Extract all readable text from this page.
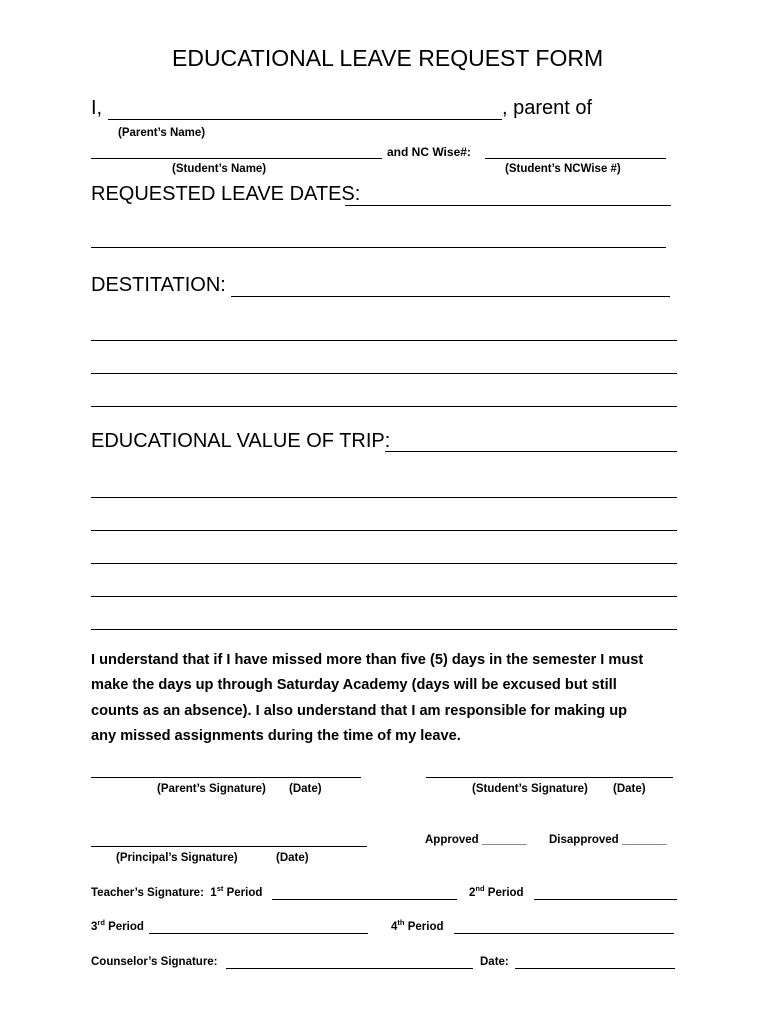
EDUCATIONAL LEAVE REQUEST FORM
I,	, parent of
(Parent’s Name)
and NC Wise#:
(Student’s Name)	(Student’s NCWise #)
REQUESTED LEAVE DATES:
DESTITATION:
EDUCATIONAL VALUE OF TRIP:
I understand that if I have missed more than five (5) days in the semester I must
make the days up through Saturday Academy (days will be excused but still
counts as an absence). I also understand that I am responsible for making up
any missed assignments during the time of my leave.
(Parent’s Signature) (Date)	(Student’s Signature) (Date)
(Principal’s Signature)	(Date)
Approved _______ Disapproved _______
Teacher’s Signature: 1st Period	2nd Period
3rd Period	4th Period
Counselor’s Signature:	Date:
